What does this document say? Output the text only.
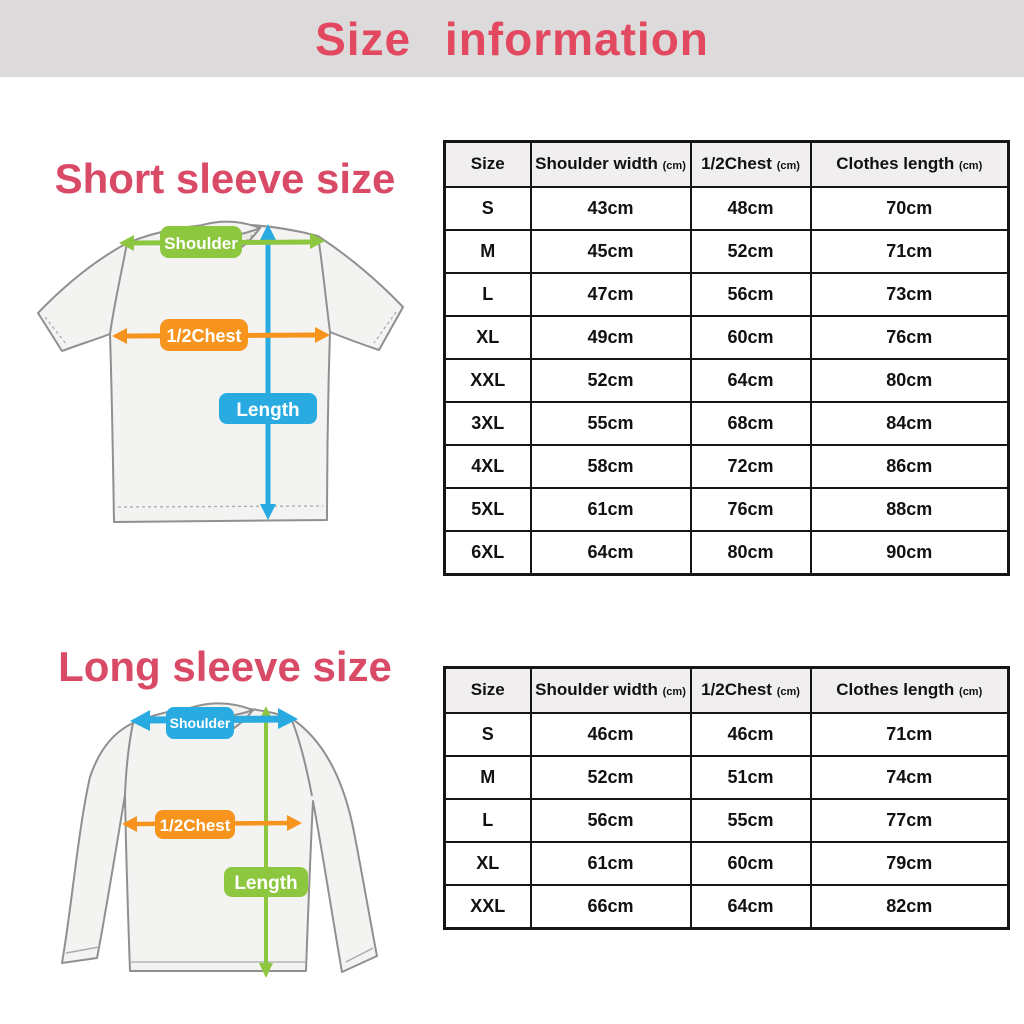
Size information
Short sleeve size
Shoulder
1/2Chest
Length
Size	Shoulder width (cm)	1/2Chest (cm)	Clothes length (cm)
S	43cm	48cm	70cm
M	45cm	52cm	71cm
L	47cm	56cm	73cm
XL	49cm	60cm	76cm
XXL	52cm	64cm	80cm
3XL	55cm	68cm	84cm
4XL	58cm	72cm	86cm
5XL	61cm	76cm	88cm
6XL	64cm	80cm	90cm
Long sleeve size
Shoulder
1/2Chest
Length
Size	Shoulder width (cm)	1/2Chest (cm)	Clothes length (cm)
S	46cm	46cm	71cm
M	52cm	51cm	74cm
L	56cm	55cm	77cm
XL	61cm	60cm	79cm
XXL	66cm	64cm	82cm
